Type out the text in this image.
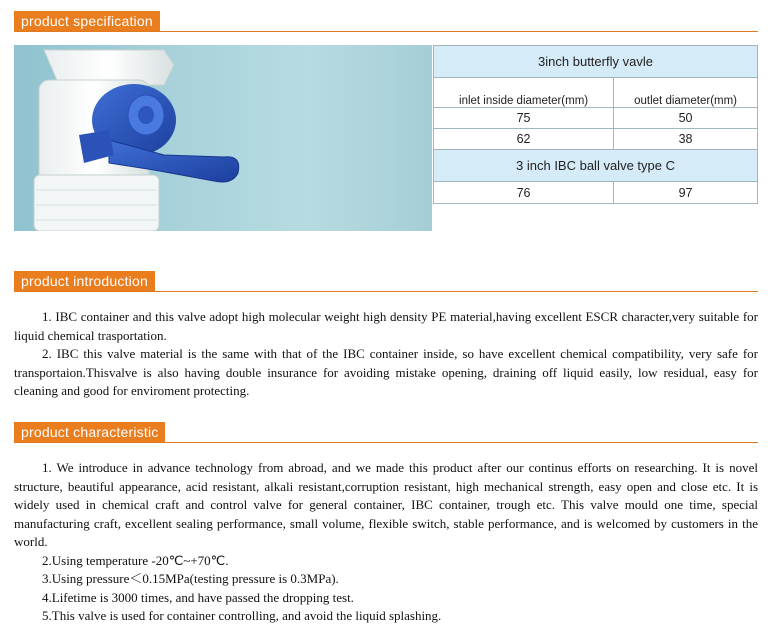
product specification
3inch butterfly vavle	
inlet inside diameter(mm)	outlet diameter(mm)
75	50
62	38
3 inch IBC ball valve type C	
76	97
product introduction

1. IBC container and this valve adopt high molecular weight high density PE material,having excellent ESCR character,very suitable for liquid chemical trasportation.

2. IBC this valve material is the same with that of the IBC container inside, so have excellent chemical compatibility, very safe for transportaion.Thisvalve is also having double insurance for avoiding mistake opening, draining off liquid easily, low residual, easy for cleaning and good for enviroment protecting.

product characteristic

1. We introduce in advance technology from abroad, and we made this product after our continus efforts on researching. It is novel structure, beautiful appearance, acid resistant, alkali resistant,corruption resistant, high mechanical strength, easy open and close etc. It is widely used in chemical craft and control valve for general container, IBC container, trough etc. This valve mould one time, special manufacturing craft, excellent sealing performance, small volume, flexible switch, stable performance, and is welcomed by customers in the world.

2.Using temperature -20℃~+70℃.

3.Using pressure＜0.15MPa(testing pressure is 0.3MPa).

4.Lifetime is 3000 times, and have passed the dropping test.

5.This valve is used for container controlling, and avoid the liquid splashing.
